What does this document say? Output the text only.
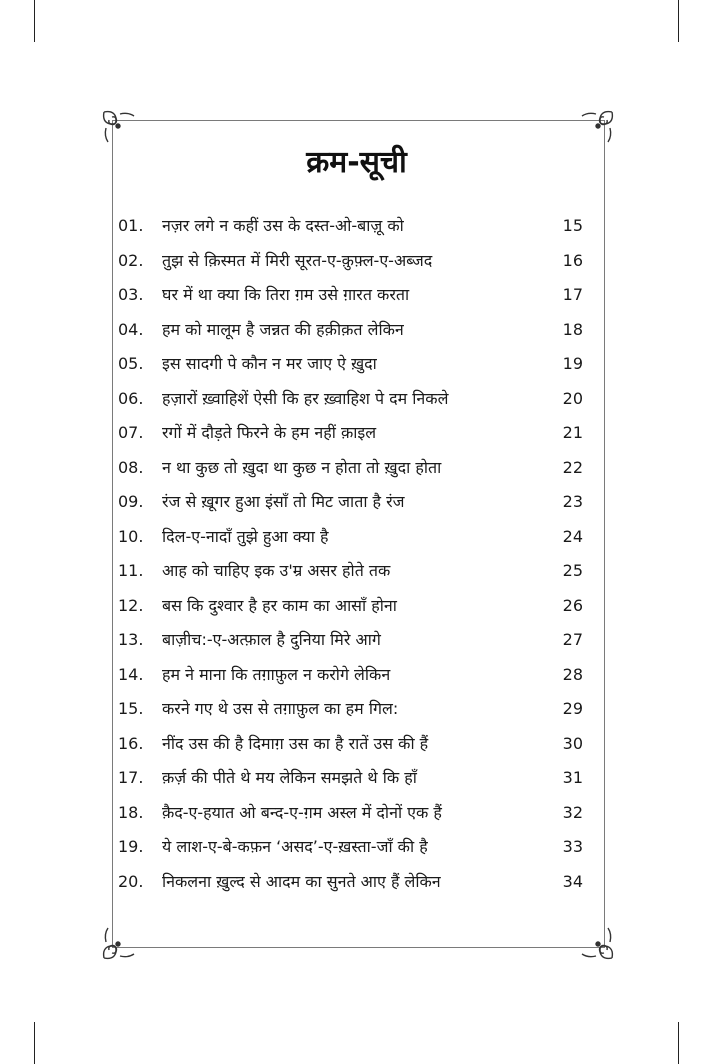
क्रम-सूची
01. नज़र लगे न कहीं उस के दस्त-ओ-बाज़ू को	15
02. तुझ से क़िस्मत में मिरी सूरत-ए-क़ुफ़्ल-ए-अब्जद	16
03. घर में था क्या कि तिरा ग़म उसे ग़ारत करता	17
04. हम को मालूम है जन्नत की हक़ीक़त लेकिन	18
05. इस सादगी पे कौन न मर जाए ऐ ख़ुदा	19
06. हज़ारों ख़्वाहिशें ऐसी कि हर ख़्वाहिश पे दम निकले	20
07. रगों में दौड़ते फिरने के हम नहीं क़ाइल	21
08. न था कुछ तो ख़ुदा था कुछ न होता तो ख़ुदा होता	22
09. रंज से ख़ूगर हुआ इंसाँ तो मिट जाता है रंज	23
10. दिल-ए-नादाँ तुझे हुआ क्या है	24
11. आह को चाहिए इक उ'म्र असर होते तक	25
12. बस कि दुश्वार है हर काम का आसाँ होना	26
13. बाज़ीच:-ए-अत्फ़ाल है दुनिया मिरे आगे	27
14. हम ने माना कि तग़ाफ़ुल न करोगे लेकिन	28
15. करने गए थे उस से तग़ाफ़ुल का हम गिल:	29
16. नींद उस की है दिमाग़ उस का है रातें उस की हैं	30
17. क़र्ज़ की पीते थे मय लेकिन समझते थे कि हाँ	31
18. क़ैद-ए-हयात ओ बन्द-ए-ग़म अस्ल में दोनों एक हैं	32
19. ये लाश-ए-बे-कफ़न ‘असद’-ए-ख़स्ता-जाँ की है	33
20. निकलना ख़ुल्द से आदम का सुनते आए हैं लेकिन	34
